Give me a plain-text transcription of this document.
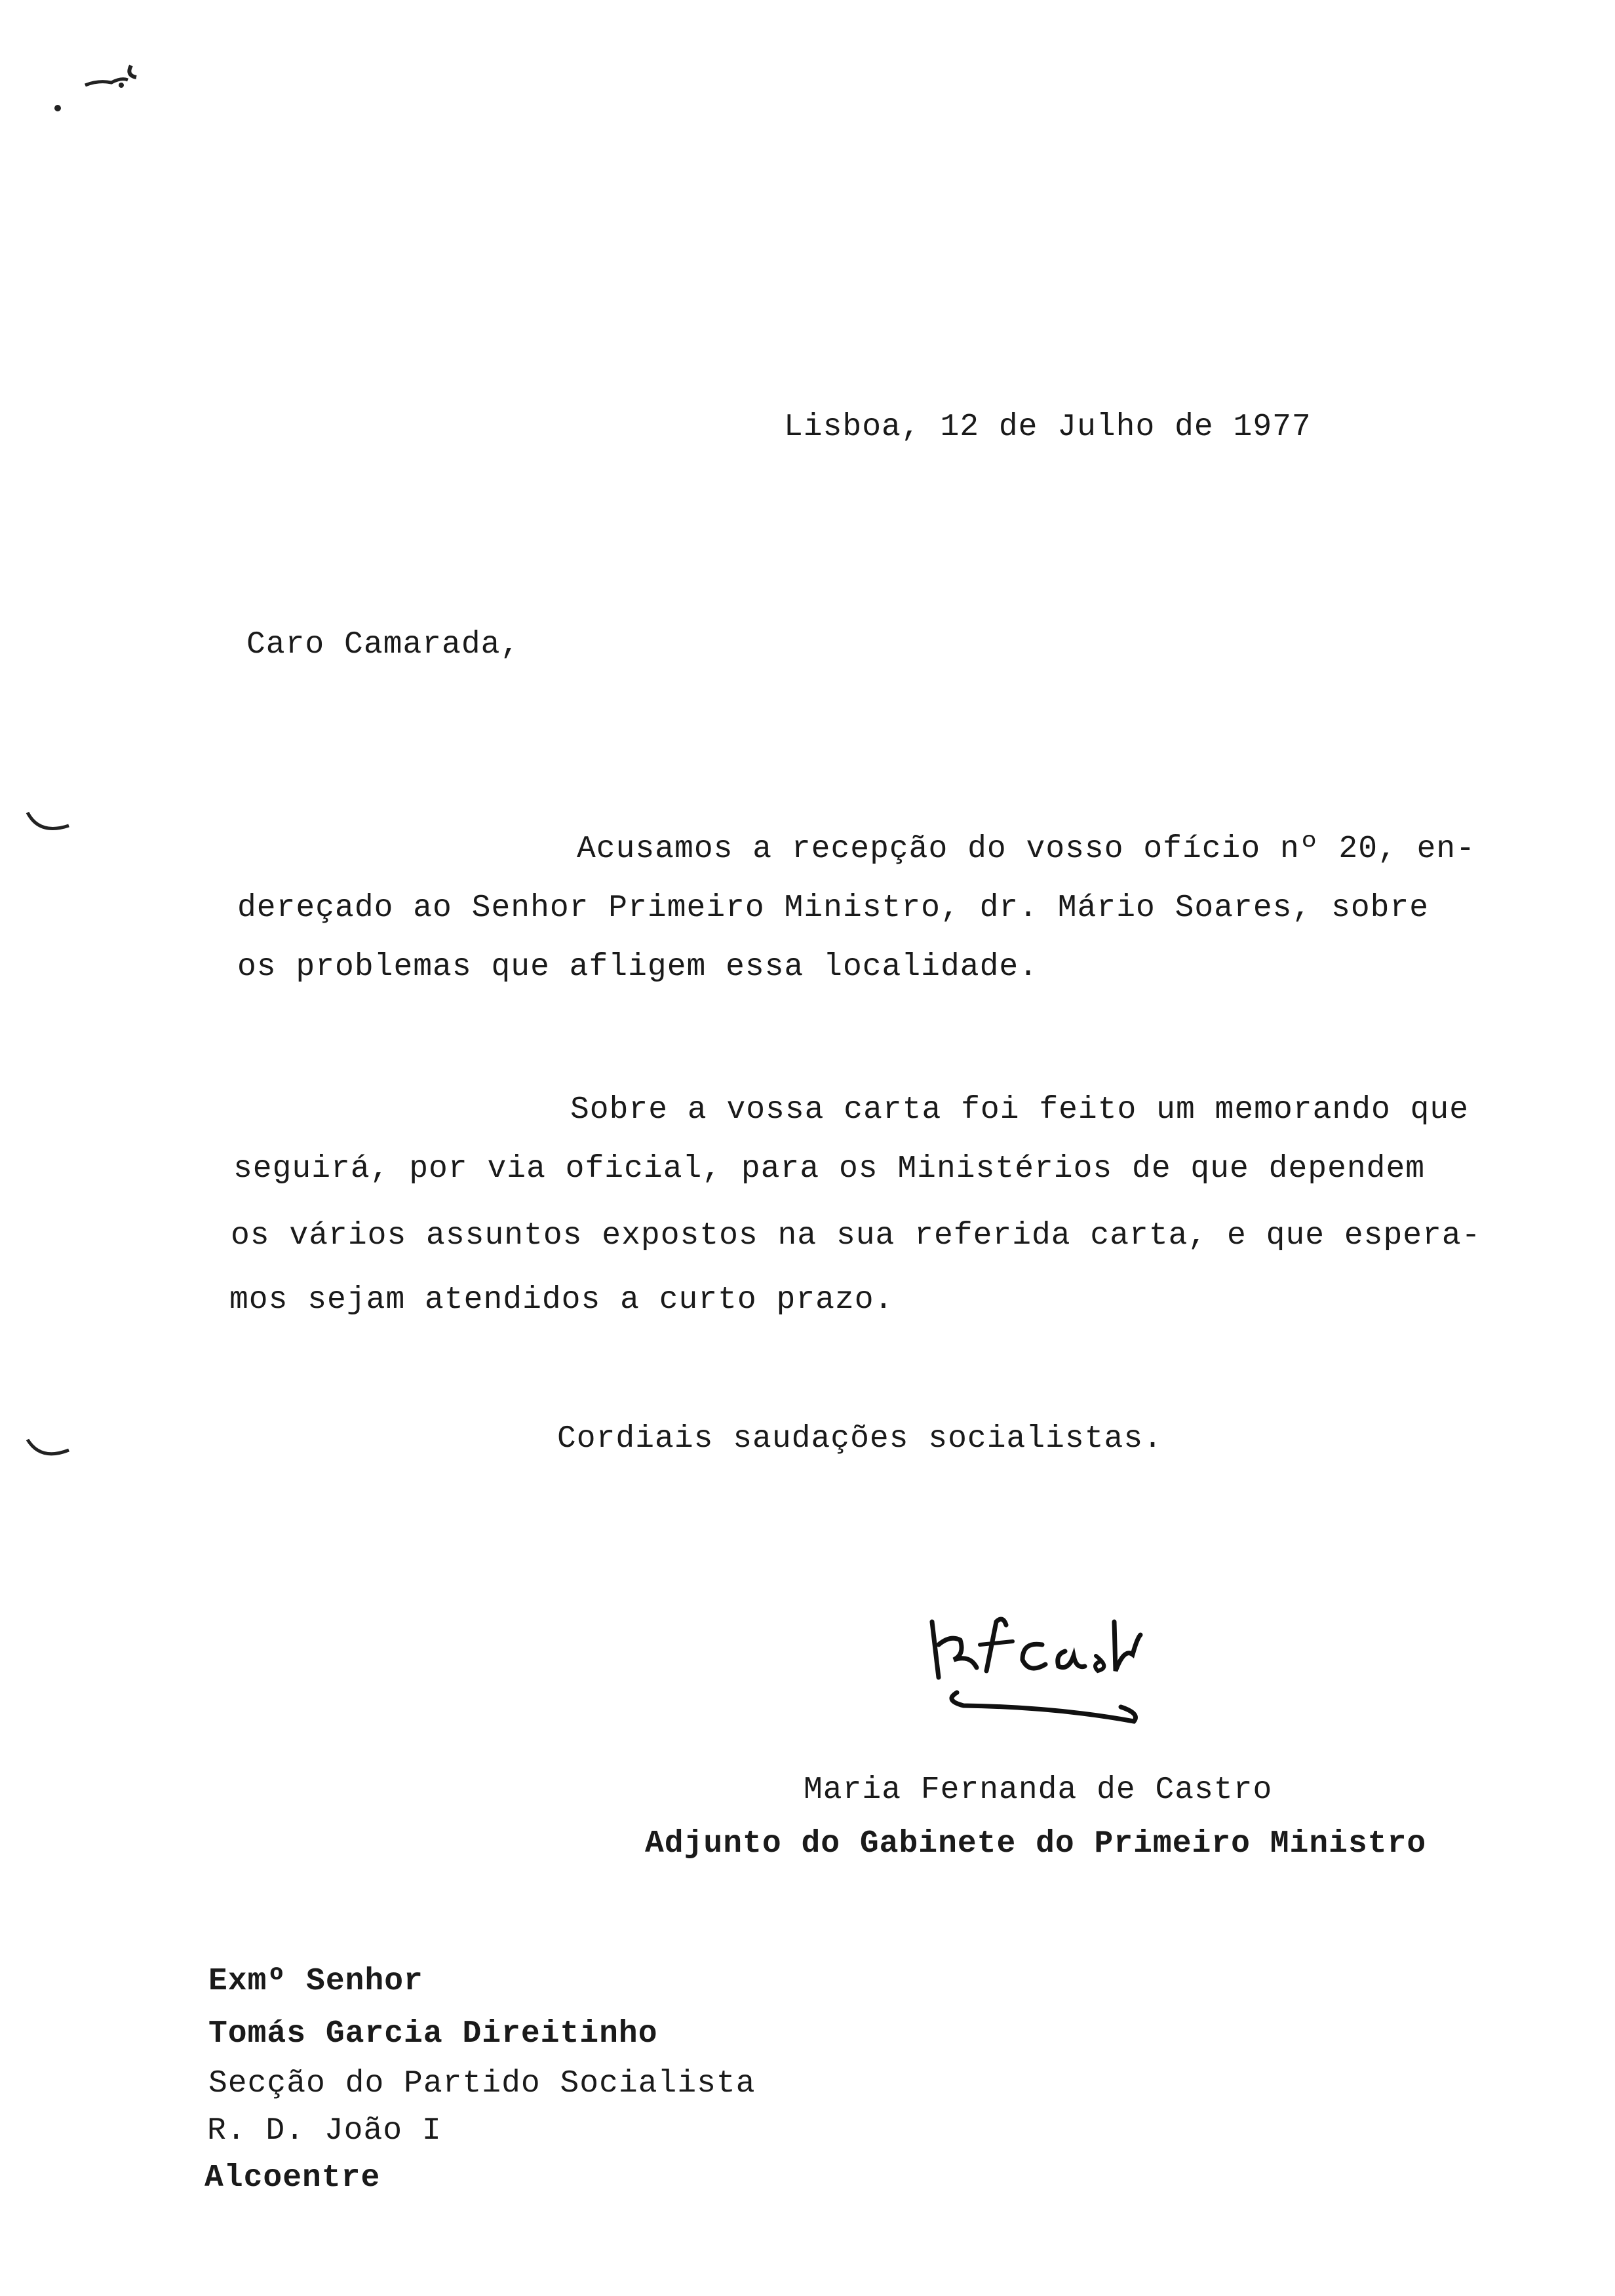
Lisboa, 12 de Julho de 1977
Caro Camarada,
Acusamos a recepção do vosso ofício nº 20, en-
dereçado ao Senhor Primeiro Ministro, dr. Mário Soares, sobre
os problemas que afligem essa localidade.
Sobre a vossa carta foi feito um memorando que
seguirá, por via oficial, para os Ministérios de que dependem
os vários assuntos expostos na sua referida carta, e que espera-
mos sejam atendidos a curto prazo.
Cordiais saudações socialistas.
Maria Fernanda de Castro
Adjunto do Gabinete do Primeiro Ministro
Exmº Senhor
Tomás Garcia Direitinho
Secção do Partido Socialista
R. D. João I
Alcoentre
